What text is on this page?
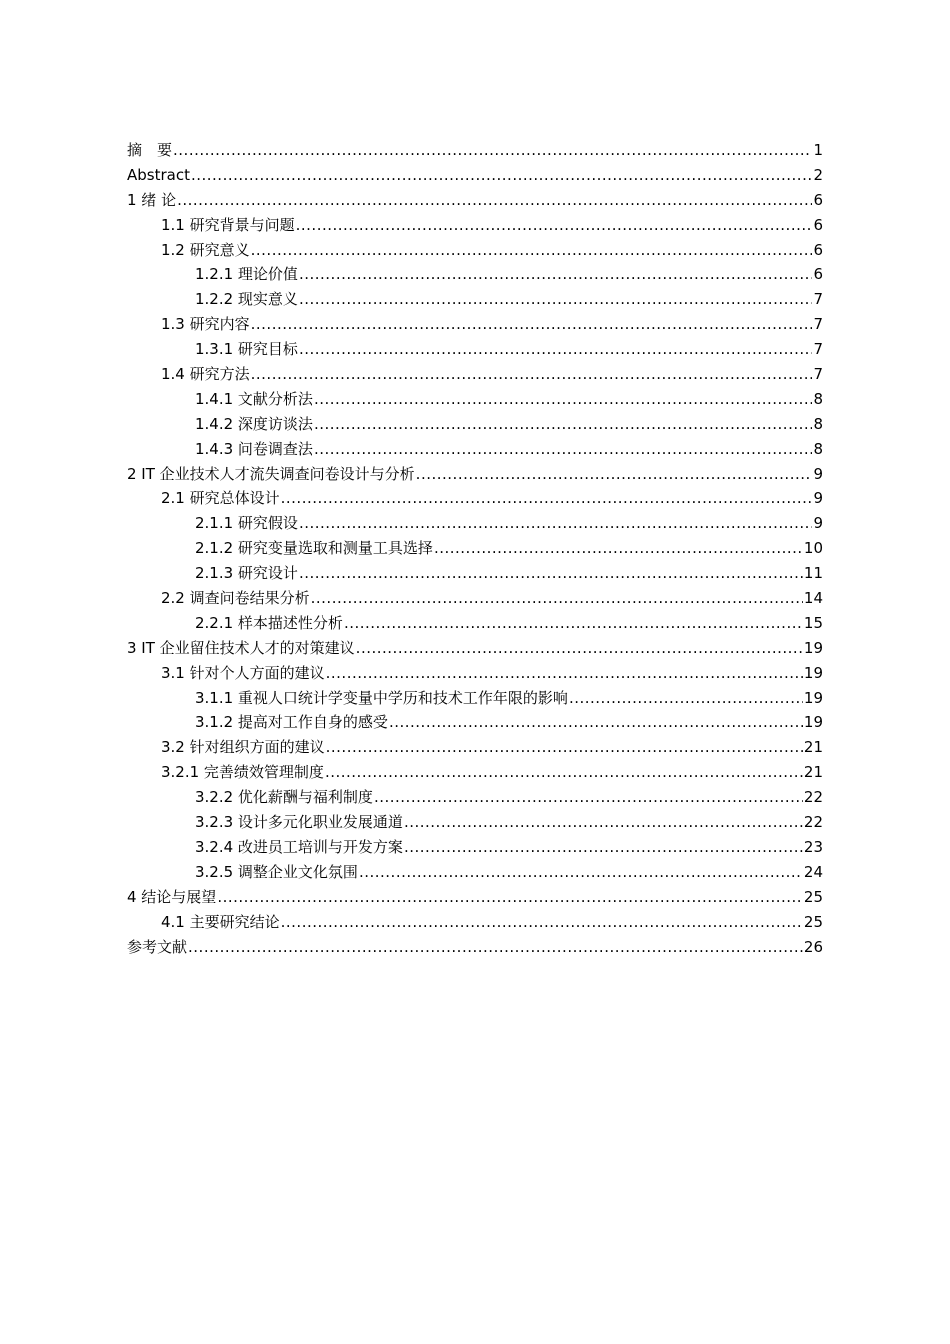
摘　要 .....	1
Abstract .....	2
1 绪 论 .....	6
1.1 研究背景与问题 .....	6
1.2 研究意义 .....	6
1.2.1 理论价值 .....	6
1.2.2 现实意义 .....	7
1.3 研究内容 .....	7
1.3.1 研究目标 .....	7
1.4 研究方法 .....	7
1.4.1 文献分析法 .....	8
1.4.2 深度访谈法 .....	8
1.4.3 问卷调查法 .....	8
2 IT 企业技术人才流失调查问卷设计与分析 .....	9
2.1 研究总体设计 .....	9
2.1.1 研究假设 .....	9
2.1.2 研究变量选取和测量工具选择 .....	10
2.1.3 研究设计 .....	11
2.2 调查问卷结果分析 .....	14
2.2.1 样本描述性分析 .....	15
3 IT 企业留住技术人才的对策建议 .....	19
3.1 针对个人方面的建议 .....	19
3.1.1 重视人口统计学变量中学历和技术工作年限的影响 .....	19
3.1.2 提高对工作自身的感受 .....	19
3.2 针对组织方面的建议 .....	21
3.2.1 完善绩效管理制度 .....	21
3.2.2 优化薪酬与福利制度 .....	22
3.2.3 设计多元化职业发展通道 .....	22
3.2.4 改进员工培训与开发方案 .....	23
3.2.5 调整企业文化氛围 .....	24
4 结论与展望 .....	25
4.1 主要研究结论 .....	25
参考文献 .....	26
